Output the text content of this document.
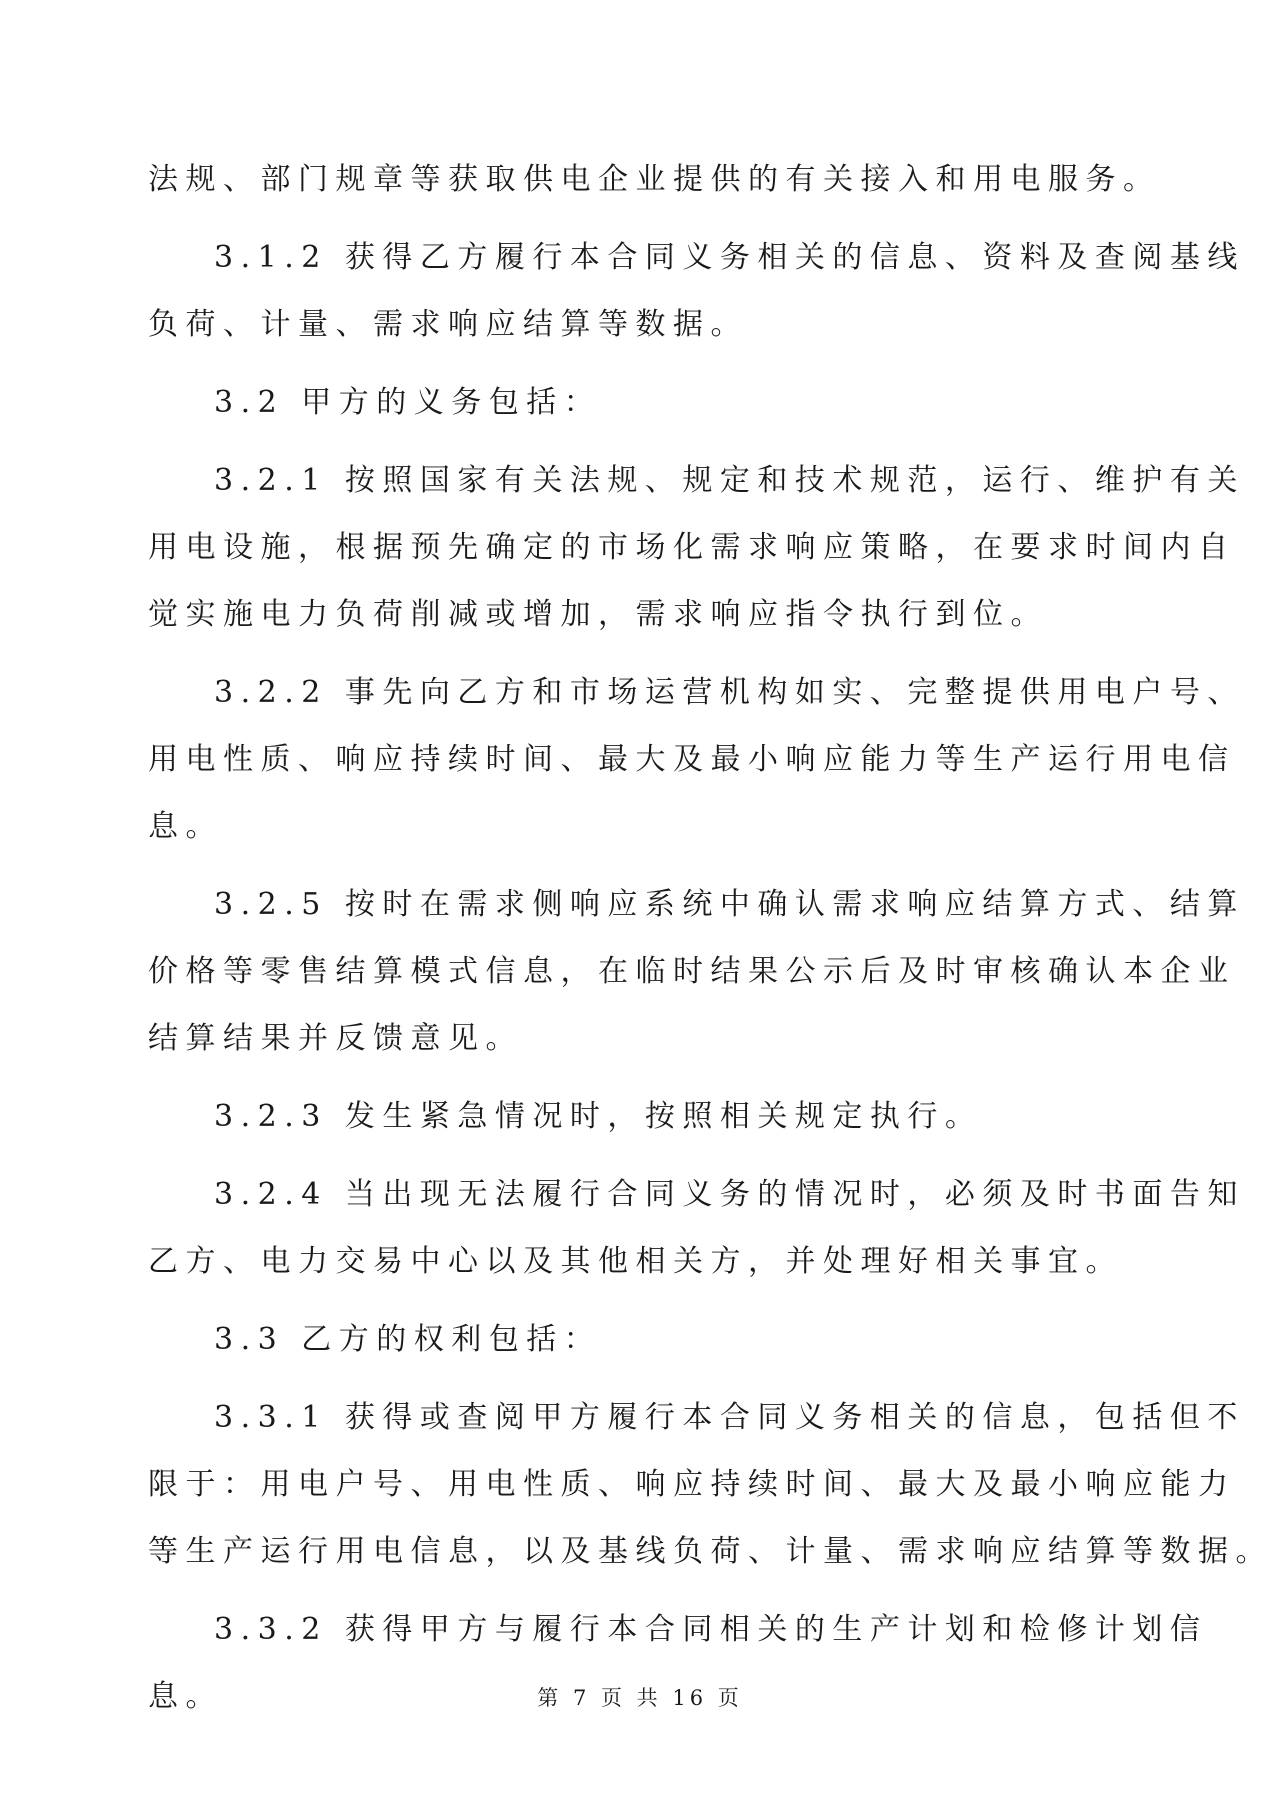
法规、部门规章等获取供电企业提供的有关接入和用电服务。
3.1.2 获得乙方履行本合同义务相关的信息、资料及查阅基线
负荷、计量、需求响应结算等数据。
3.2 甲方的义务包括：
3.2.1 按照国家有关法规、规定和技术规范，运行、维护有关
用电设施，根据预先确定的市场化需求响应策略，在要求时间内自
觉实施电力负荷削减或增加，需求响应指令执行到位。
3.2.2 事先向乙方和市场运营机构如实、完整提供用电户号、
用电性质、响应持续时间、最大及最小响应能力等生产运行用电信
息。
3.2.5 按时在需求侧响应系统中确认需求响应结算方式、结算
价格等零售结算模式信息，在临时结果公示后及时审核确认本企业
结算结果并反馈意见。
3.2.3 发生紧急情况时，按照相关规定执行。
3.2.4 当出现无法履行合同义务的情况时，必须及时书面告知
乙方、电力交易中心以及其他相关方，并处理好相关事宜。
3.3 乙方的权利包括：
3.3.1 获得或查阅甲方履行本合同义务相关的信息，包括但不
限于：用电户号、用电性质、响应持续时间、最大及最小响应能力
等生产运行用电信息，以及基线负荷、计量、需求响应结算等数据。
3.3.2 获得甲方与履行本合同相关的生产计划和检修计划信
息。	第 7 页 共 16 页
